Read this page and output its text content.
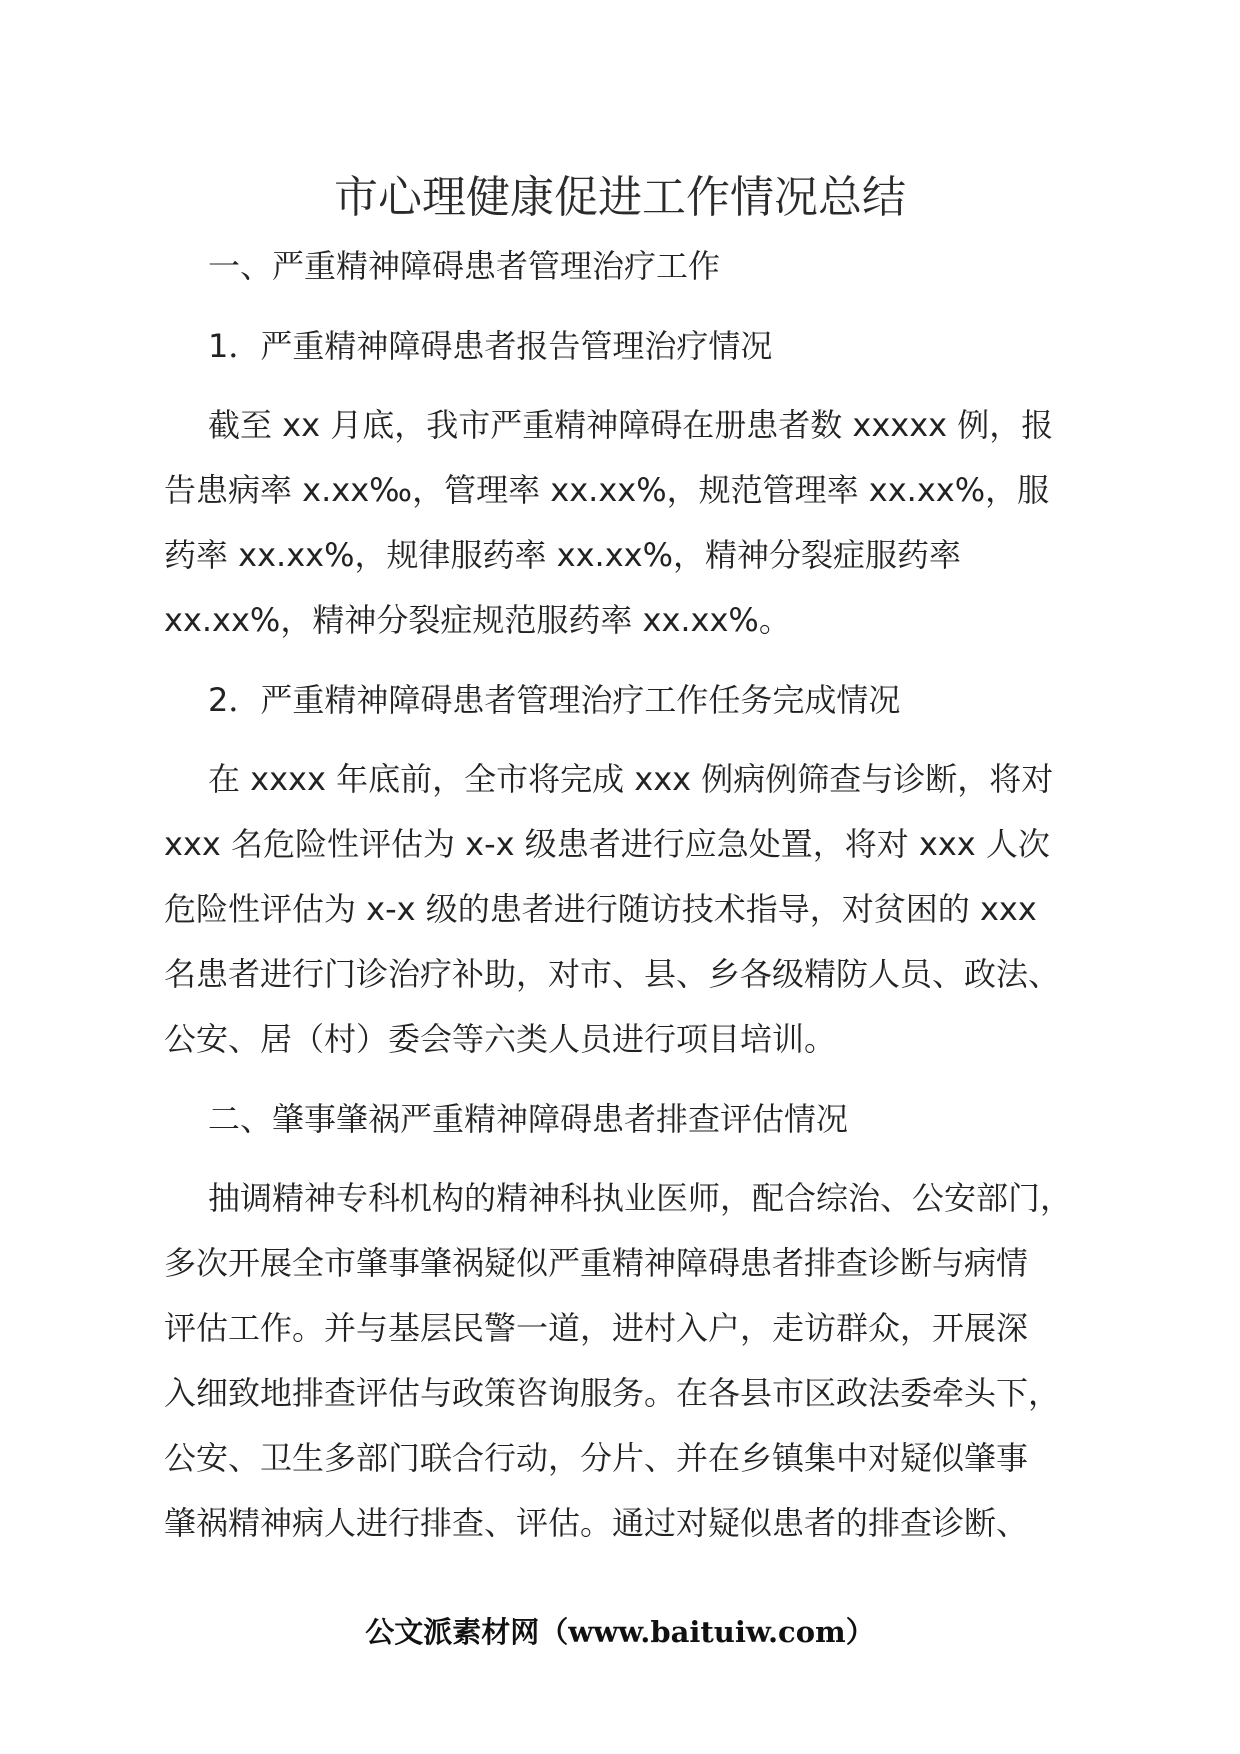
市心理健康促进工作情况总结
一、严重精神障碍患者管理治疗工作
1．严重精神障碍患者报告管理治疗情况

截至 xx 月底，我市严重精神障碍在册患者数 xxxxx 例，报
告患病率 x.xx‰，管理率 xx.xx%，规范管理率 xx.xx%，服
药率 xx.xx%，规律服药率 xx.xx%，精神分裂症服药率
xx.xx%，精神分裂症规范服药率 xx.xx%。

2．严重精神障碍患者管理治疗工作任务完成情况

在 xxxx 年底前，全市将完成 xxx 例病例筛查与诊断，将对
xxx 名危险性评估为 x-x 级患者进行应急处置，将对 xxx 人次
危险性评估为 x-x 级的患者进行随访技术指导，对贫困的 xxx
名患者进行门诊治疗补助，对市、县、乡各级精防人员、政法、
公安、居（村）委会等六类人员进行项目培训。

二、肇事肇祸严重精神障碍患者排查评估情况

抽调精神专科机构的精神科执业医师，配合综治、公安部门，
多次开展全市肇事肇祸疑似严重精神障碍患者排查诊断与病情
评估工作。并与基层民警一道，进村入户，走访群众，开展深
入细致地排查评估与政策咨询服务。在各县市区政法委牵头下，
公安、卫生多部门联合行动，分片、并在乡镇集中对疑似肇事
肇祸精神病人进行排查、评估。通过对疑似患者的排查诊断、

公文派素材网（www.baituiw.com）
